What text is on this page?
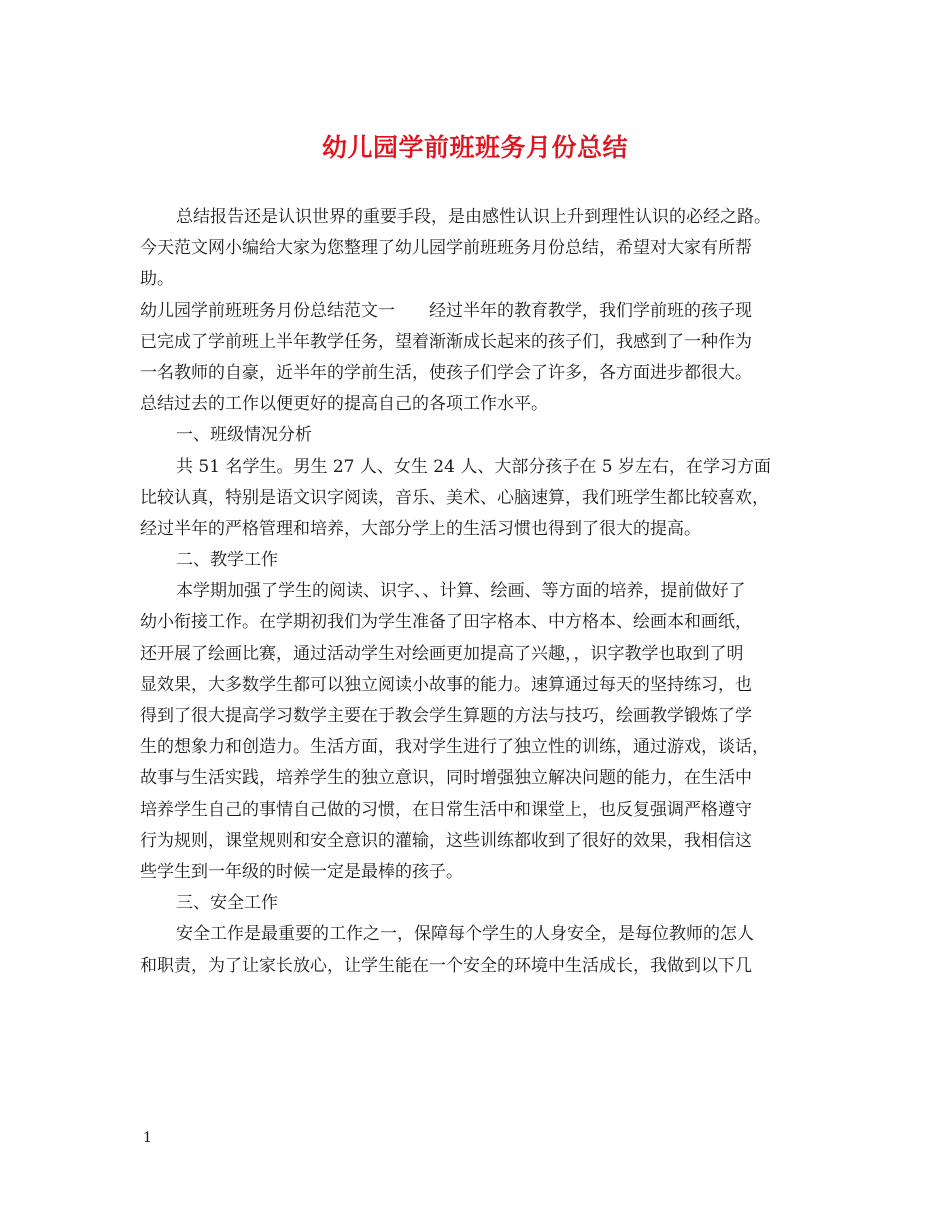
幼儿园学前班班务月份总结
总结报告还是认识世界的重要手段，是由感性认识上升到理性认识的必经之路。
今天范文网小编给大家为您整理了幼儿园学前班班务月份总结，希望对大家有所帮
助。
幼儿园学前班班务月份总结范文一 经过半年的教育教学，我们学前班的孩子现
已完成了学前班上半年教学任务，望着渐渐成长起来的孩子们，我感到了一种作为
一名教师的自豪，近半年的学前生活，使孩子们学会了许多，各方面进步都很大。
总结过去的工作以便更好的提高自己的各项工作水平。
一、班级情况分析
共 51 名学生。男生 27 人、女生 24 人、大部分孩子在 5 岁左右，在学习方面
比较认真，特别是语文识字阅读，音乐、美术、心脑速算，我们班学生都比较喜欢，
经过半年的严格管理和培养，大部分学上的生活习惯也得到了很大的提高。
二、教学工作
本学期加强了学生的阅读、识字、、计算、绘画、等方面的培养，提前做好了
幼小衔接工作。在学期初我们为学生准备了田字格本、中方格本、绘画本和画纸，
还开展了绘画比赛，通过活动学生对绘画更加提高了兴趣，，识字教学也取到了明
显效果，大多数学生都可以独立阅读小故事的能力。速算通过每天的坚持练习，也
得到了很大提高学习数学主要在于教会学生算题的方法与技巧，绘画教学锻炼了学
生的想象力和创造力。生活方面，我对学生进行了独立性的训练，通过游戏，谈话，
故事与生活实践，培养学生的独立意识，同时增强独立解决问题的能力，在生活中
培养学生自己的事情自己做的习惯，在日常生活中和课堂上，也反复强调严格遵守
行为规则，课堂规则和安全意识的灌输，这些训练都收到了很好的效果，我相信这
些学生到一年级的时候一定是最棒的孩子。
三、安全工作
安全工作是最重要的工作之一，保障每个学生的人身安全，是每位教师的怎人
和职责，为了让家长放心，让学生能在一个安全的环境中生活成长，我做到以下几
1
